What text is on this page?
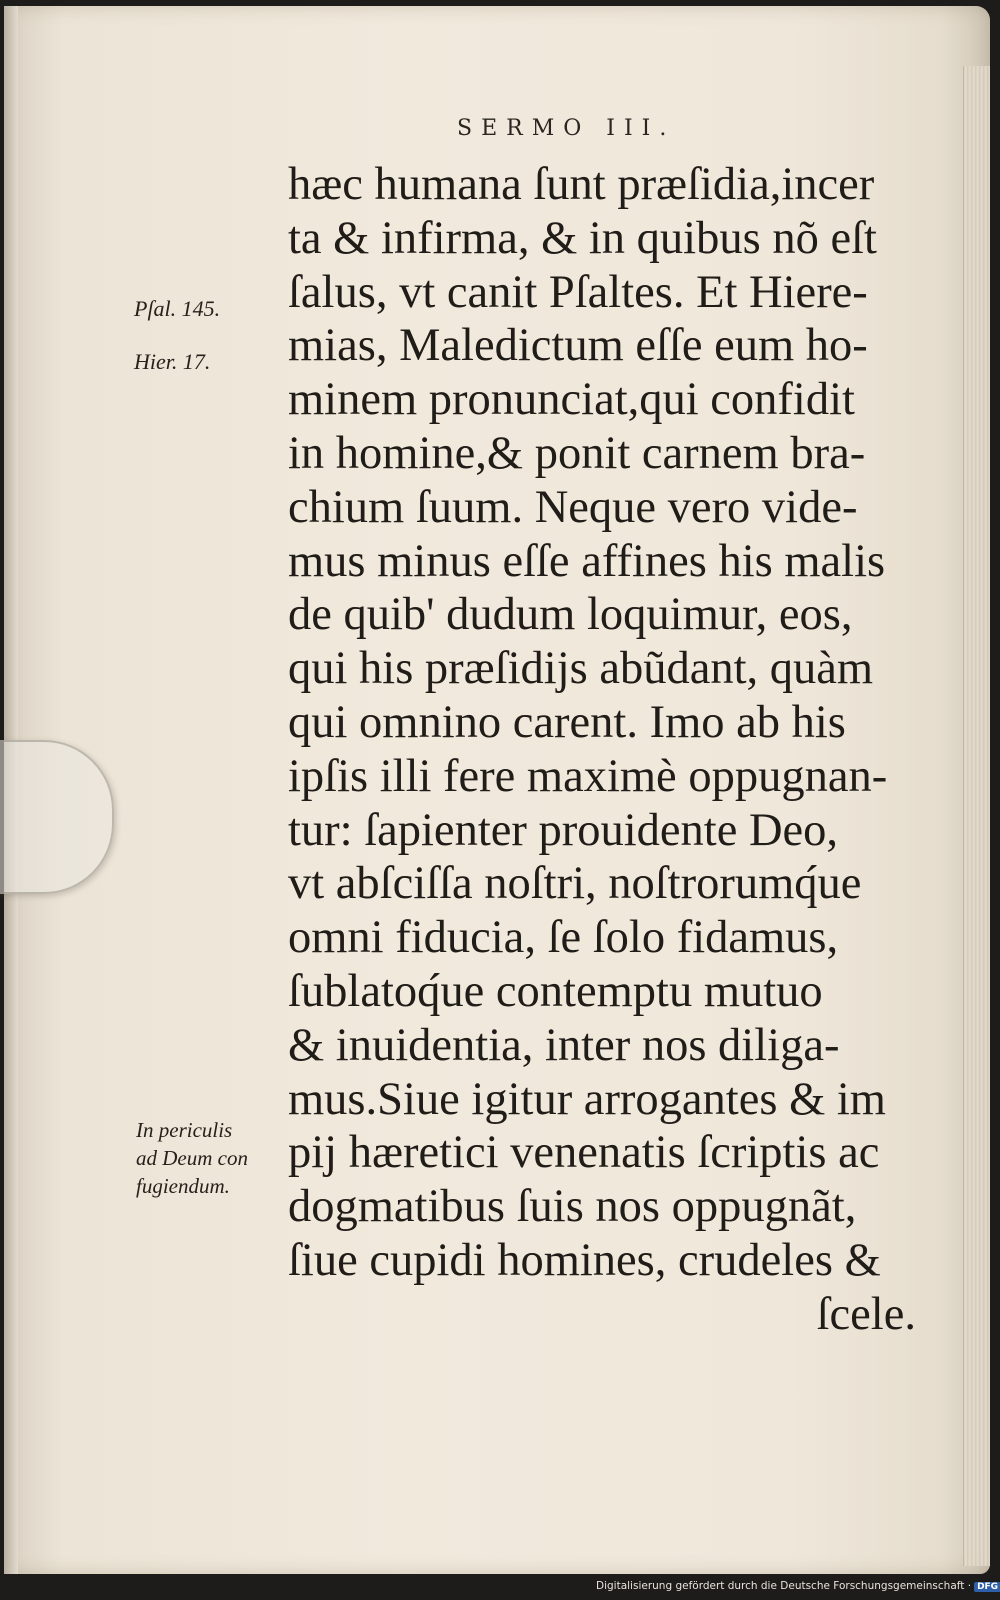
SERMO III.
Pſal. 145.
Hier. 17.
In periculis
ad Deum con
fugiendum.
hæc humana ſunt præſidia,incer
ta & infirma, & in quibus nõ eſt
ſalus, vt canit Pſaltes. Et Hiere-
mias, Maledictum eſſe eum ho-
minem pronunciat,qui confidit
in homine,& ponit carnem bra-
chium ſuum. Neque vero vide-
mus minus eſſe affines his malis
de quib' dudum loquimur, eos,
qui his præſidijs abũdant, quàm
qui omnino carent. Imo ab his
ipſis illi fere maximè oppugnan-
tur: ſapienter prouidente Deo,
vt abſciſſa noſtri, noſtrorumq́ue
omni fiducia, ſe ſolo fidamus,
ſublatoq́ue contemptu mutuo
& inuidentia, inter nos diliga-
mus.Siue igitur arrogantes & im
pij hæretici venenatis ſcriptis ac
dogmatibus ſuis nos oppugnãt,
ſiue cupidi homines, crudeles &
ſcele.
Digitalisierung gefördert durch die Deutsche Forschungsgemeinschaft · DFG
